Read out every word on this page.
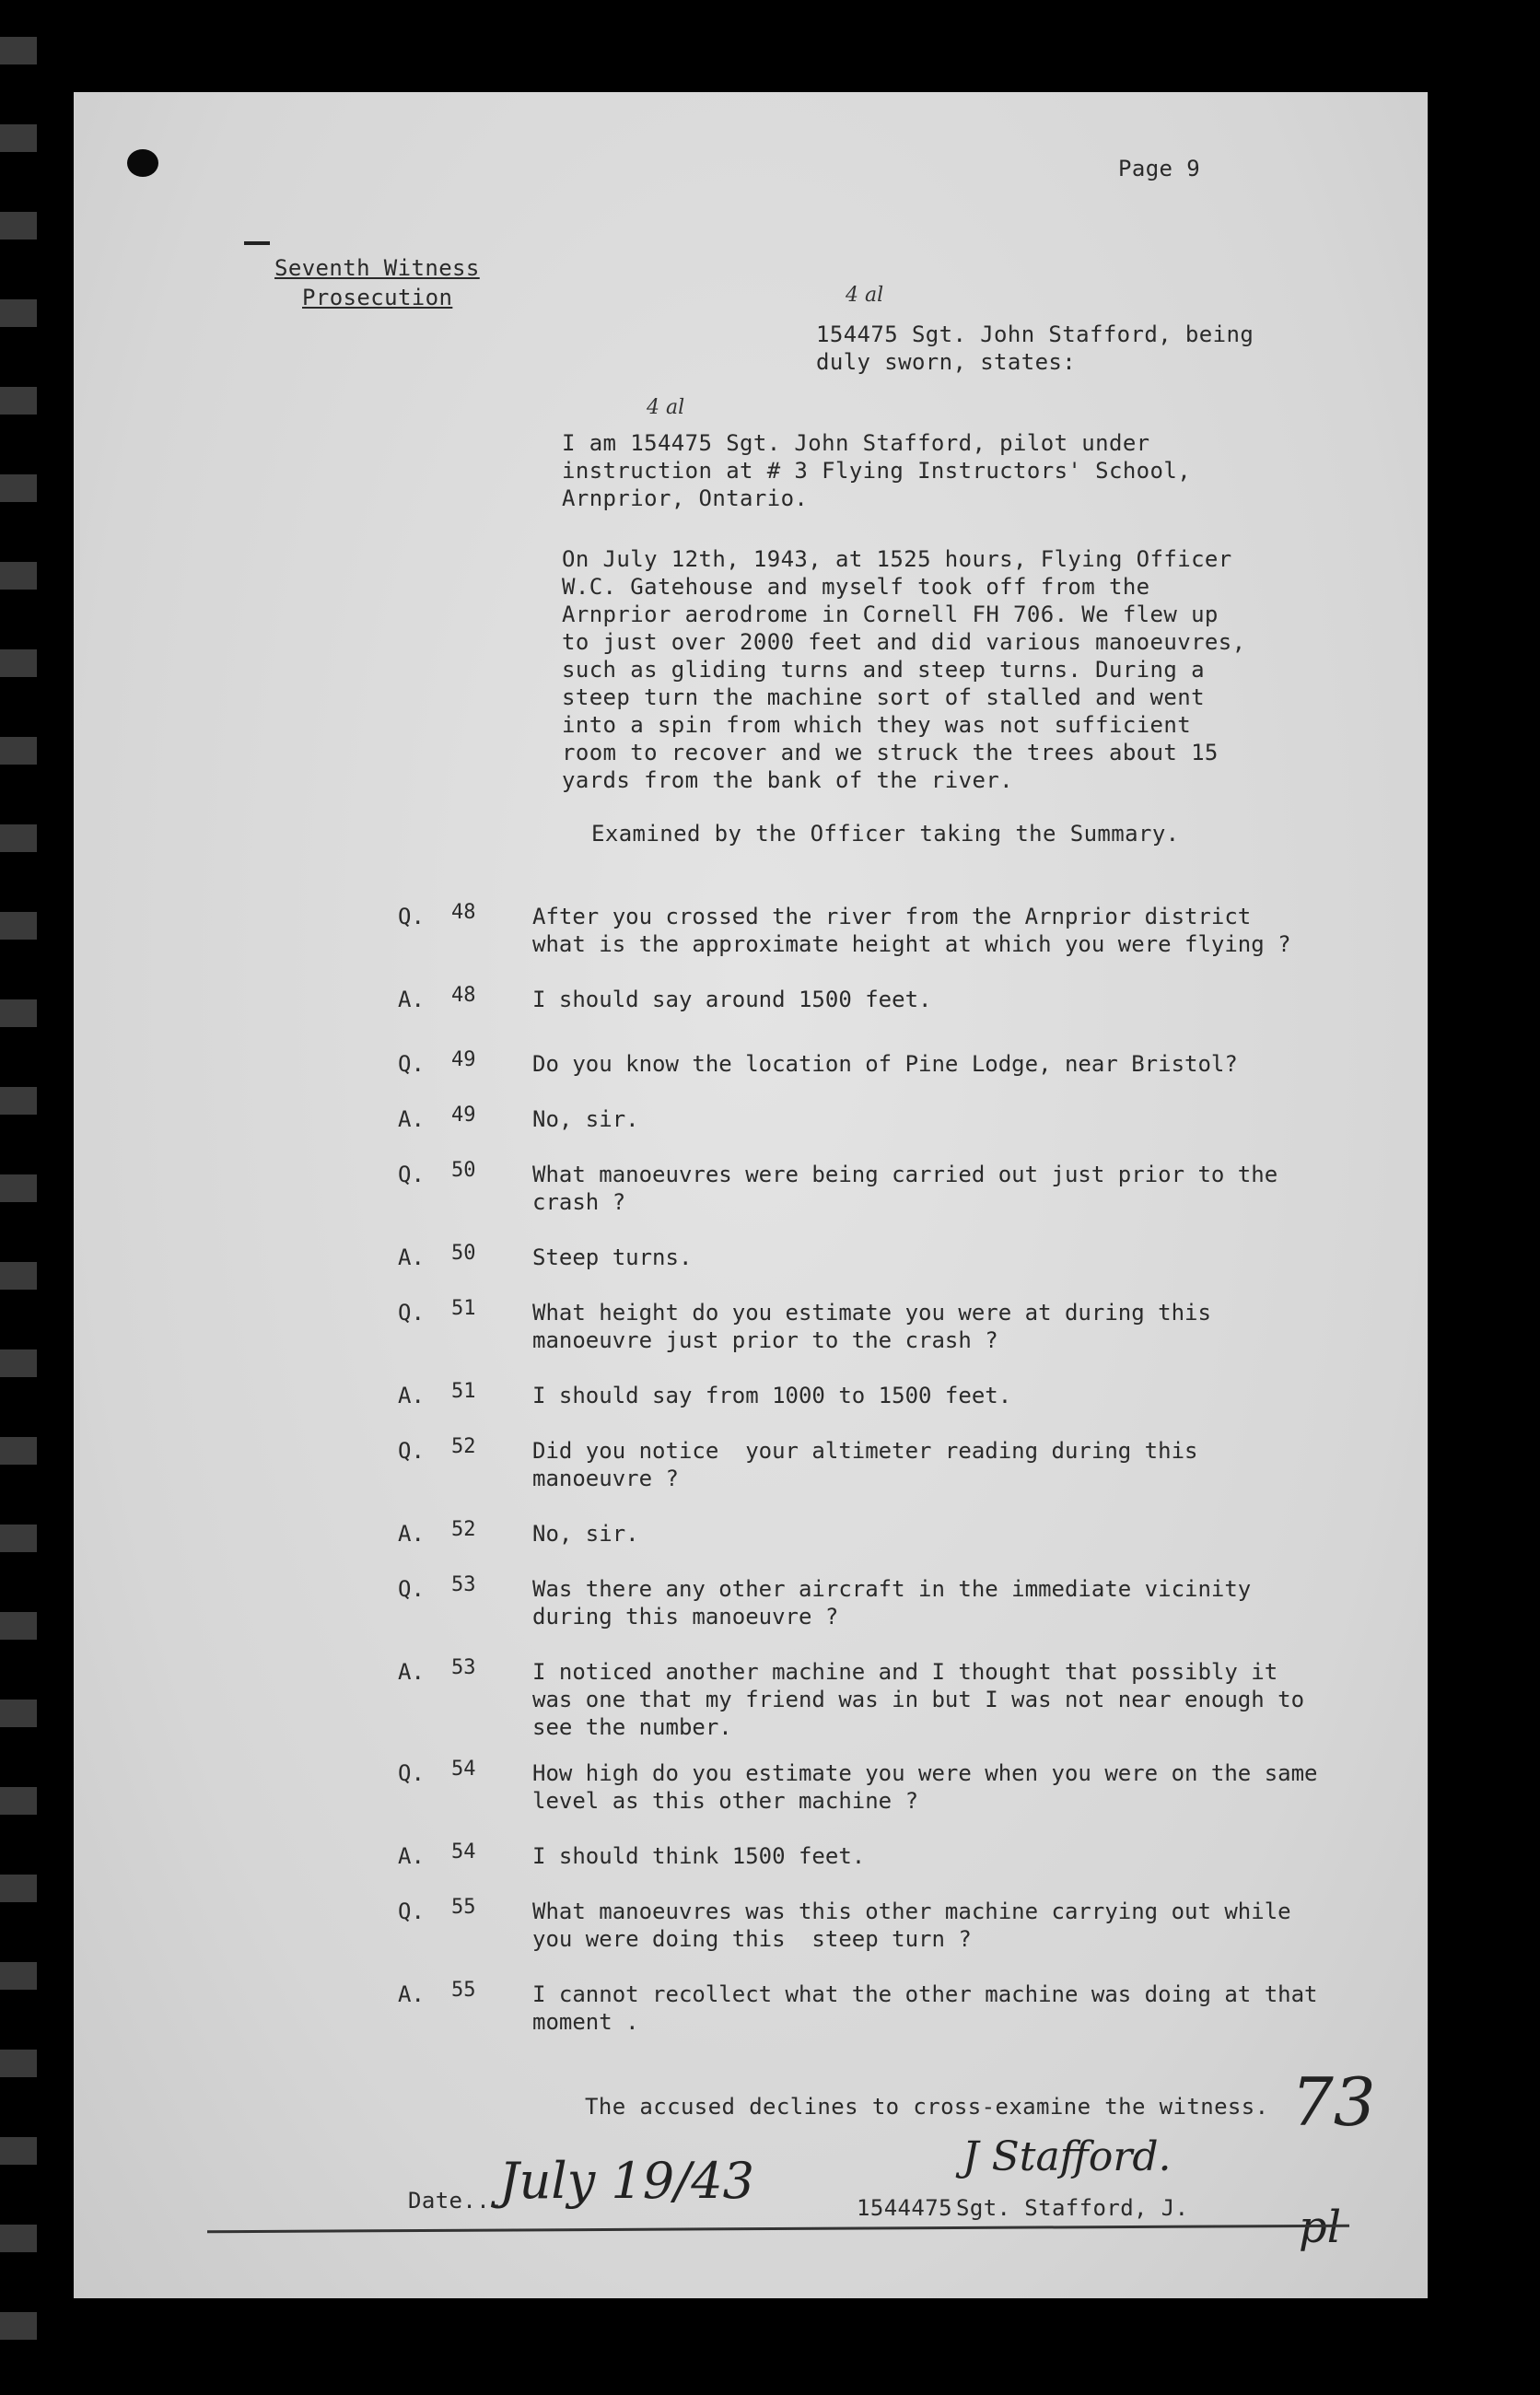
Page 9
Seventh Witness
Prosecution	4 al
154475 Sgt. John Stafford, being
duly sworn, states:
4 al
I am 154475 Sgt. John Stafford, pilot under
instruction at # 3 Flying Instructors' School,
Arnprior, Ontario.
On July 12th, 1943, at 1525 hours, Flying Officer
W.C. Gatehouse and myself took off from the
Arnprior aerodrome in Cornell FH 706. We flew up
to just over 2000 feet and did various manoeuvres,
such as gliding turns and steep turns. During a
steep turn the machine sort of stalled and went
into a spin from which they was not sufficient
room to recover and we struck the trees about 15
yards from the bank of the river.
Examined by the Officer taking the Summary.
Q. 48	After you crossed the river from the Arnprior district
what is the approximate height at which you were flying ?
A. 48	I should say around 1500 feet.
Q. 49	Do you know the location of Pine Lodge, near Bristol?
A. 49	No, sir.
Q. 50	What manoeuvres were being carried out just prior to the
crash ?
A. 50	Steep turns.
Q. 51	What height do you estimate you were at during this
manoeuvre just prior to the crash ?
A. 51	I should say from 1000 to 1500 feet.
Q. 52	Did you notice  your altimeter reading during this
manoeuvre ?
A. 52	No, sir.
Q. 53	Was there any other aircraft in the immediate vicinity
during this manoeuvre ?
A. 53	I noticed another machine and I thought that possibly it
was one that my friend was in but I was not near enough to
see the number.
Q. 54	How high do you estimate you were when you were on the same
level as this other machine ?
A. 54	I should think 1500 feet.
Q. 55	What manoeuvres was this other machine carrying out while
you were doing this  steep turn ?
A. 55	I cannot recollect what the other machine was doing at that
moment .
The accused declines to cross-examine the witness.
Date...
July 19/43	J Stafford.
1544475 Sgt. Stafford, J.
73
pl
